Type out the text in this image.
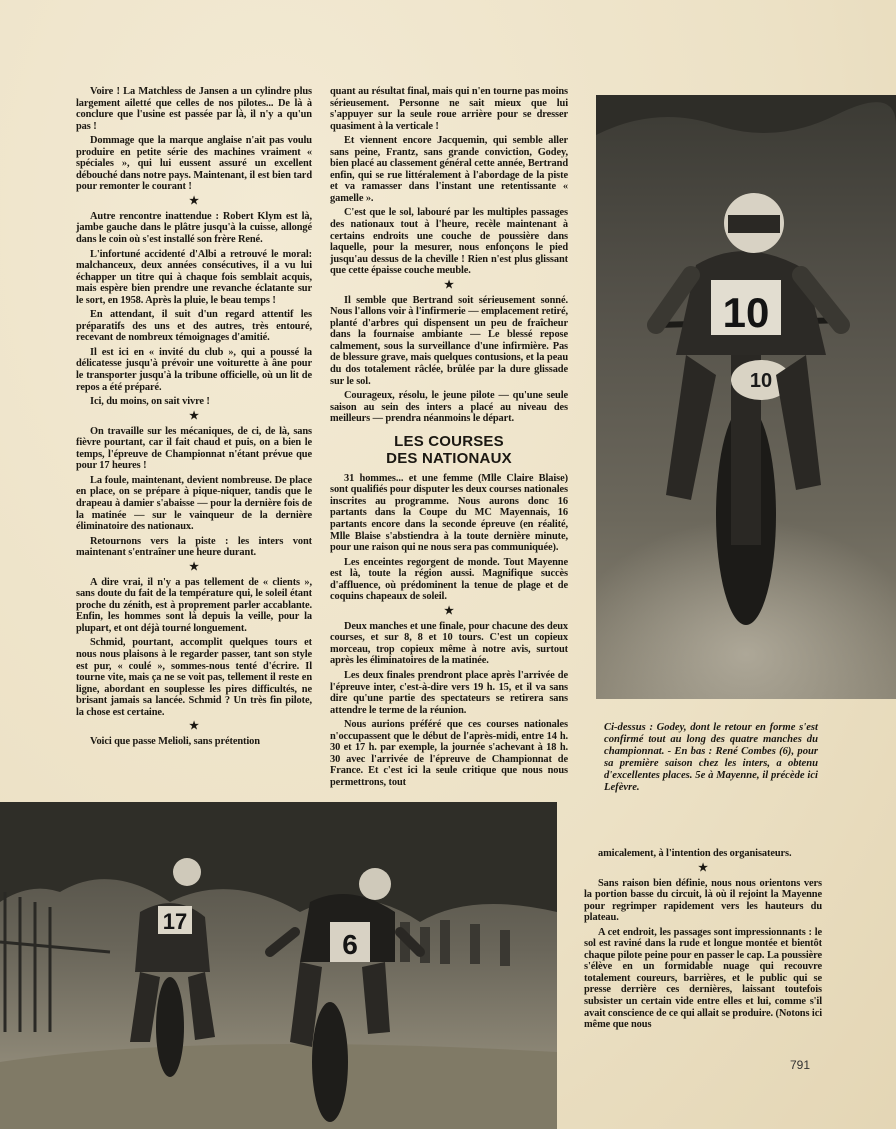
Voire ! La Matchless de Jansen a un cylindre plus largement ailetté que celles de nos pilotes... De là à conclure que l'usine est passée par là, il n'y a qu'un pas !

Dommage que la marque anglaise n'ait pas voulu produire en petite série des machines vraiment « spéciales », qui lui eussent assuré un excellent débouché dans notre pays. Maintenant, il est bien tard pour remonter le courant !

★

Autre rencontre inattendue : Robert Klym est là, jambe gauche dans le plâtre jusqu'à la cuisse, allongé dans le coin où s'est installé son frère René.

L'infortuné accidenté d'Albi a retrouvé le moral: malchanceux, deux années consécutives, il a vu lui échapper un titre qui à chaque fois semblait acquis, mais espère bien prendre une revanche éclatante sur le sort, en 1958. Après la pluie, le beau temps !

En attendant, il suit d'un regard attentif les préparatifs des uns et des autres, très entouré, recevant de nombreux témoignages d'amitié.

Il est ici en « invité du club », qui a poussé la délicatesse jusqu'à prévoir une voiturette à âne pour le transporter jusqu'à la tribune officielle, où un lit de repos a été préparé.

Ici, du moins, on sait vivre !

★

On travaille sur les mécaniques, de ci, de là, sans fièvre pourtant, car il fait chaud et puis, on a bien le temps, l'épreuve de Championnat n'étant prévue que pour 17 heures !

La foule, maintenant, devient nombreuse. De place en place, on se prépare à pique-niquer, tandis que le drapeau à damier s'abaisse — pour la dernière fois de la matinée — sur le vainqueur de la dernière éliminatoire des nationaux.

Retournons vers la piste : les inters vont maintenant s'entraîner une heure durant.

★

A dire vrai, il n'y a pas tellement de « clients », sans doute du fait de la température qui, le soleil étant proche du zénith, est à proprement parler accablante. Enfin, les hommes sont là depuis la veille, pour la plupart, et ont déjà tourné longuement.

Schmid, pourtant, accomplit quelques tours et nous nous plaisons à le regarder passer, tant son style est pur, « coulé », sommes-nous tenté d'écrire. Il tourne vite, mais ça ne se voit pas, tellement il reste en ligne, abordant en souplesse les pires difficultés, ne brisant jamais sa lancée. Schmid ? Un très fin pilote, la chose est certaine.

★

Voici que passe Melioli, sans prétention

quant au résultat final, mais qui n'en tourne pas moins sérieusement. Personne ne sait mieux que lui s'appuyer sur la seule roue arrière pour se dresser quasiment à la verticale !

Et viennent encore Jacquemin, qui semble aller sans peine, Frantz, sans grande conviction, Godey, bien placé au classement général cette année, Bertrand enfin, qui se rue littéralement à l'abordage de la piste et va ramasser dans l'instant une retentissante « gamelle ».

C'est que le sol, labouré par les multiples passages des nationaux tout à l'heure, recèle maintenant à certains endroits une couche de poussière dans laquelle, pour la mesurer, nous enfonçons le pied jusqu'au dessus de la cheville ! Rien n'est plus glissant que cette épaisse couche meuble.

★

Il semble que Bertrand soit sérieusement sonné. Nous l'allons voir à l'infirmerie — emplacement retiré, planté d'arbres qui dispensent un peu de fraîcheur dans la fournaise ambiante — Le blessé repose calmement, sous la surveillance d'une infirmière. Pas de blessure grave, mais quelques contusions, et la peau du dos totalement râclée, brûlée par la dure glissade sur le sol.

Courageux, résolu, le jeune pilote — qu'une seule saison au sein des inters a placé au niveau des meilleurs — prendra néanmoins le départ.

LES COURSES
DES NATIONAUX

31 hommes... et une femme (Mlle Claire Blaise) sont qualifiés pour disputer les deux courses nationales inscrites au programme. Nous aurons donc 16 partants dans la Coupe du MC Mayennais, 16 partants encore dans la seconde épreuve (en réalité, Mlle Blaise s'abstiendra à la toute dernière minute, pour une raison qui ne nous sera pas communiquée).

Les enceintes regorgent de monde. Tout Mayenne est là, toute la région aussi. Magnifique succès d'affluence, où prédominent la tenue de plage et de coquins chapeaux de soleil.

★

Deux manches et une finale, pour chacune des deux courses, et sur 8, 8 et 10 tours. C'est un copieux morceau, trop copieux même à notre avis, surtout après les éliminatoires de la matinée.

Les deux finales prendront place après l'arrivée de l'épreuve inter, c'est-à-dire vers 19 h. 15, et il va sans dire qu'une partie des spectateurs se retirera sans attendre le terme de la réunion.

Nous aurions préféré que ces courses nationales n'occupassent que le début de l'après-midi, entre 14 h. 30 et 17 h. par exemple, la journée s'achevant à 18 h. 30 avec l'arrivée de l'épreuve de Championnat de France. Et c'est ici la seule critique que nous nous permettrons, tout

10
10
Ci-dessus : Godey, dont le retour en forme s'est confirmé tout au long des quatre manches du championnat. - En bas : René Combes (6), pour sa première saison chez les inters, a obtenu d'excellentes places. 5e à Mayenne, il précède ici Lefèvre.
17
6

amicalement, à l'intention des organisateurs.

★

Sans raison bien définie, nous nous orientons vers la portion basse du circuit, là où il rejoint la Mayenne pour regrimper rapidement vers les hauteurs du plateau.

A cet endroit, les passages sont impressionnants : le sol est raviné dans la rude et longue montée et bientôt chaque pilote peine pour en passer le cap. La poussière s'élève en un formidable nuage qui recouvre totalement coureurs, barrières, et le public qui se presse derrière ces dernières, laissant toutefois subsister un certain vide entre elles et lui, comme s'il avait conscience de ce qui allait se produire. (Notons ici même que nous

791
